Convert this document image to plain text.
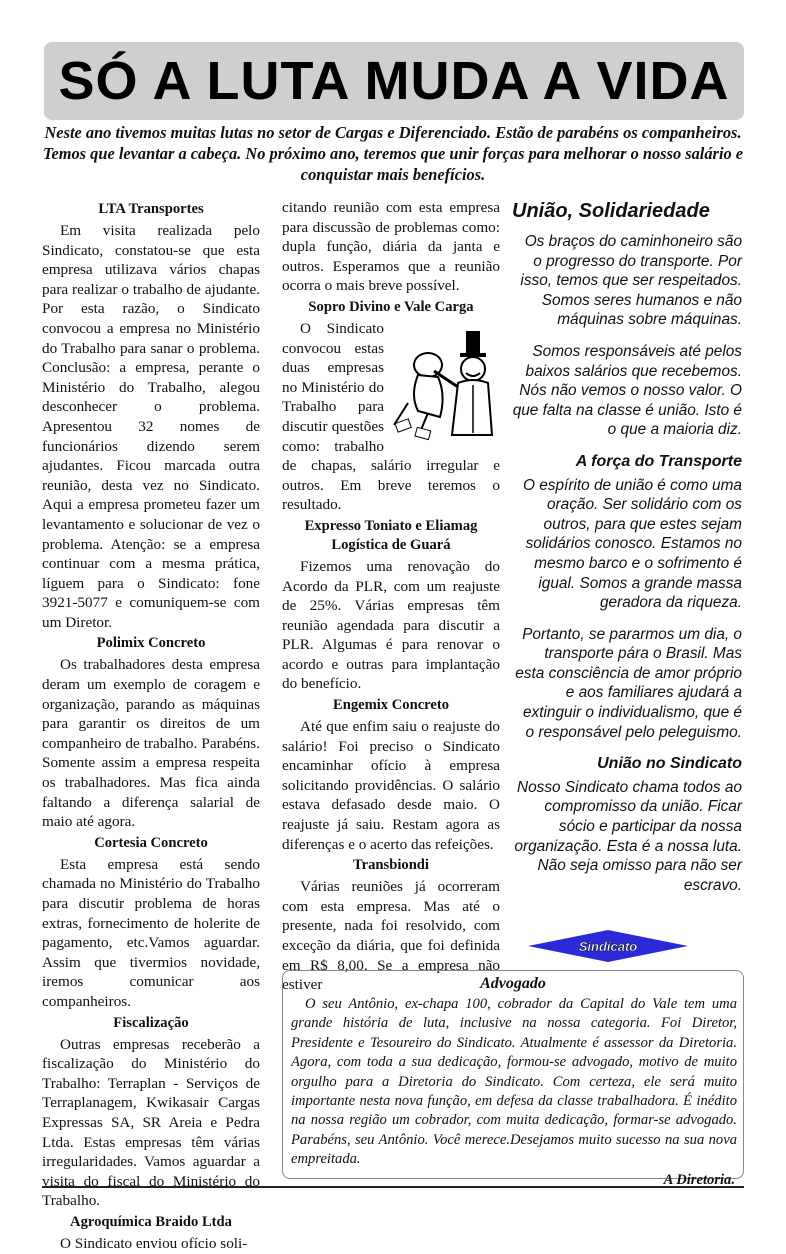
SÓ A LUTA MUDA A VIDA

Neste ano tivemos muitas lutas no setor de Cargas e Diferenciado. Estão de parabéns os companheiros. Temos que levantar a cabeça. No próximo ano, teremos que unir forças para melhorar o nosso salário e conquistar mais benefícios.

LTA Transportes

Em visita realizada pelo Sindicato, constatou-se que esta empresa utilizava vários chapas para realizar o trabalho de ajudante. Por esta razão, o Sindicato convocou a empresa no Ministério do Trabalho para sanar o problema. Conclusão: a empresa, perante o Ministério do Trabalho, alegou desconhecer o problema. Apresentou 32 nomes de funcionários dizendo serem ajudantes. Ficou marcada outra reunião, desta vez no Sindicato. Aqui a empresa prometeu fazer um levantamento e solucionar de vez o problema. Atenção: se a empresa continuar com a mesma prática, líguem para o Sindicato: fone 3921-5077 e comuniquem-se com um Diretor.

Polimix Concreto

Os trabalhadores desta empresa deram um exemplo de coragem e organização, parando as máquinas para garantir os direitos de um companheiro de trabalho. Parabéns. Somente assim a empresa respeita os trabalhadores. Mas fica ainda faltando a diferença salarial de maio até agora.

Cortesia Concreto

Esta empresa está sendo chamada no Ministério do Trabalho para discutir problema de horas extras, fornecimento de holerite de pagamento, etc.Vamos aguardar. Assim que tivermios novidade, iremos comunicar aos companheiros.

Fiscalização

Outras empresas receberão a fiscalização do Ministério do Trabalho: Terraplan - Serviços de Terraplanagem, Kwikasair Cargas Expressas SA, SR Areia e Pedra Ltda. Estas empresas têm várias irregularidades. Vamos aguardar a visita do fiscal do Ministério do Trabalho.

Agroquímica Braido Ltda

O Sindicato enviou ofício soli-

citando reunião com esta empresa para discussão de problemas como: dupla função, diária da janta e outros. Esperamos que a reunião ocorra o mais breve possível.

Sopro Divino e Vale Carga

O Sindicato convocou estas duas empresas no Ministério do Trabalho para discutir questões como: trabalho de chapas, salário irregular e outros. Em breve teremos o resultado.

Expresso Toniato e Eliamag Logística de Guará

Fizemos uma renovação do Acordo da PLR, com um reajuste de 25%. Várias empresas têm reunião agendada para discutir a PLR. Algumas é para renovar o acordo e outras para implantação do benefício.

Engemix Concreto

Até que enfim saiu o reajuste do salário! Foi preciso o Sindicato encaminhar ofício à empresa solicitando providências. O salário estava defasado desde maio. O reajuste já saiu. Restam agora as diferenças e o acerto das refeições.

Transbiondi

Várias reuniões já ocorreram com esta empresa. Mas até o presente, nada foi resolvido, com exceção da diária, que foi definida em R$ 8,00. Se a empresa não estiver

União, Solidariedade

Os braços do caminhoneiro são o progresso do transporte. Por isso, temos que ser respeitados. Somos seres humanos e não máquinas sobre máquinas.

Somos responsáveis até pelos baixos salários que recebemos. Nós não vemos o nosso valor. O que falta na classe é união. Isto é o que a maioria diz.

A força do Transporte

O espírito de união é como uma oração. Ser solidário com os outros, para que estes sejam solidários conosco. Estamos no mesmo barco e o sofrimento é igual. Somos a grande massa geradora da riqueza.

Portanto, se pararmos um dia, o transporte pára o Brasil. Mas esta consciência de amor próprio e aos familiares ajudará a extinguir o individualismo, que é o responsável pelo peleguismo.

União no Sindicato

Nosso Sindicato chama todos ao compromisso da união. Ficar sócio e participar da nossa organização. Esta é a nossa luta. Não seja omisso para não ser escravo.

Sindicato

Advogado

O seu Antônio, ex-chapa 100, cobrador da Capital do Vale tem uma grande história de luta, inclusive na nossa categoria. Foi Diretor, Presidente e Tesoureiro do Sindicato. Atualmente é assessor da Diretoria. Agora, com toda a sua dedicação, formou-se advogado, motivo de muito orgulho para a Diretoria do Sindicato. Com certeza, ele será muito importante nesta nova função, em defesa da classe trabalhadora. É inédito na nossa região um cobrador, com muita dedicação, formar-se advogado. Parabéns, seu Antônio. Você merece.Desejamos muito sucesso na sua nova empreitada.

A Diretoria.
